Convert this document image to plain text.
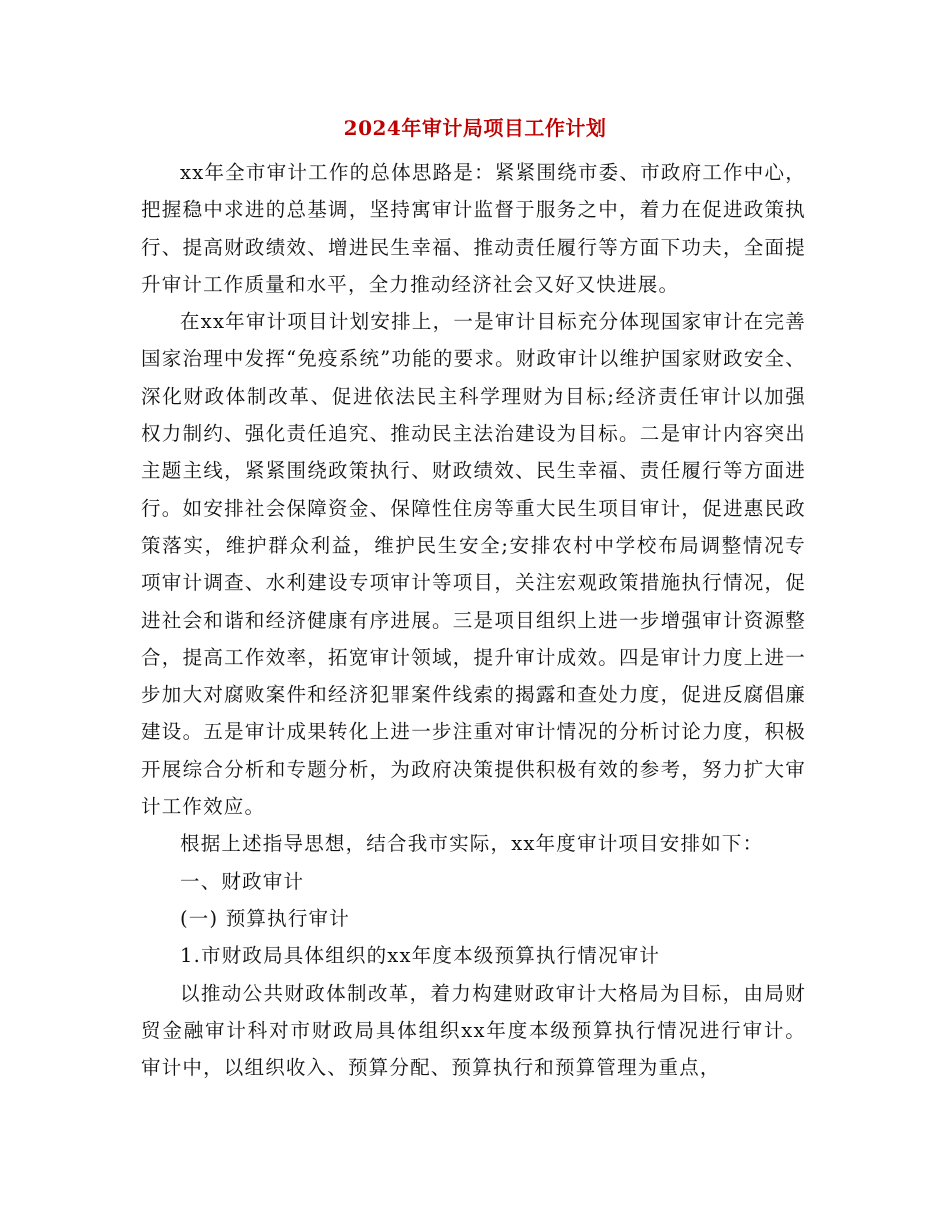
2024年审计局项目工作计划

xx年全市审计工作的总体思路是：紧紧围绕市委、市政府工作中心，把握稳中求进的总基调，坚持寓审计监督于服务之中，着力在促进政策执行、提高财政绩效、增进民生幸福、推动责任履行等方面下功夫，全面提升审计工作质量和水平，全力推动经济社会又好又快进展。

在xx年审计项目计划安排上，一是审计目标充分体现国家审计在完善国家治理中发挥“免疫系统”功能的要求。财政审计以维护国家财政安全、深化财政体制改革、促进依法民主科学理财为目标;经济责任审计以加强权力制约、强化责任追究、推动民主法治建设为目标。二是审计内容突出主题主线，紧紧围绕政策执行、财政绩效、民生幸福、责任履行等方面进行。如安排社会保障资金、保障性住房等重大民生项目审计，促进惠民政策落实，维护群众利益，维护民生安全;安排农村中学校布局调整情况专项审计调查、水利建设专项审计等项目，关注宏观政策措施执行情况，促进社会和谐和经济健康有序进展。三是项目组织上进一步增强审计资源整合，提高工作效率，拓宽审计领域，提升审计成效。四是审计力度上进一步加大对腐败案件和经济犯罪案件线索的揭露和查处力度，促进反腐倡廉建设。五是审计成果转化上进一步注重对审计情况的分析讨论力度，积极开展综合分析和专题分析，为政府决策提供积极有效的参考，努力扩大审计工作效应。

根据上述指导思想，结合我市实际，xx年度审计项目安排如下：

一、财政审计

(一) 预算执行审计

1.市财政局具体组织的xx年度本级预算执行情况审计

以推动公共财政体制改革，着力构建财政审计大格局为目标，由局财贸金融审计科对市财政局具体组织xx年度本级预算执行情况进行审计。审计中，以组织收入、预算分配、预算执行和预算管理为重点，
